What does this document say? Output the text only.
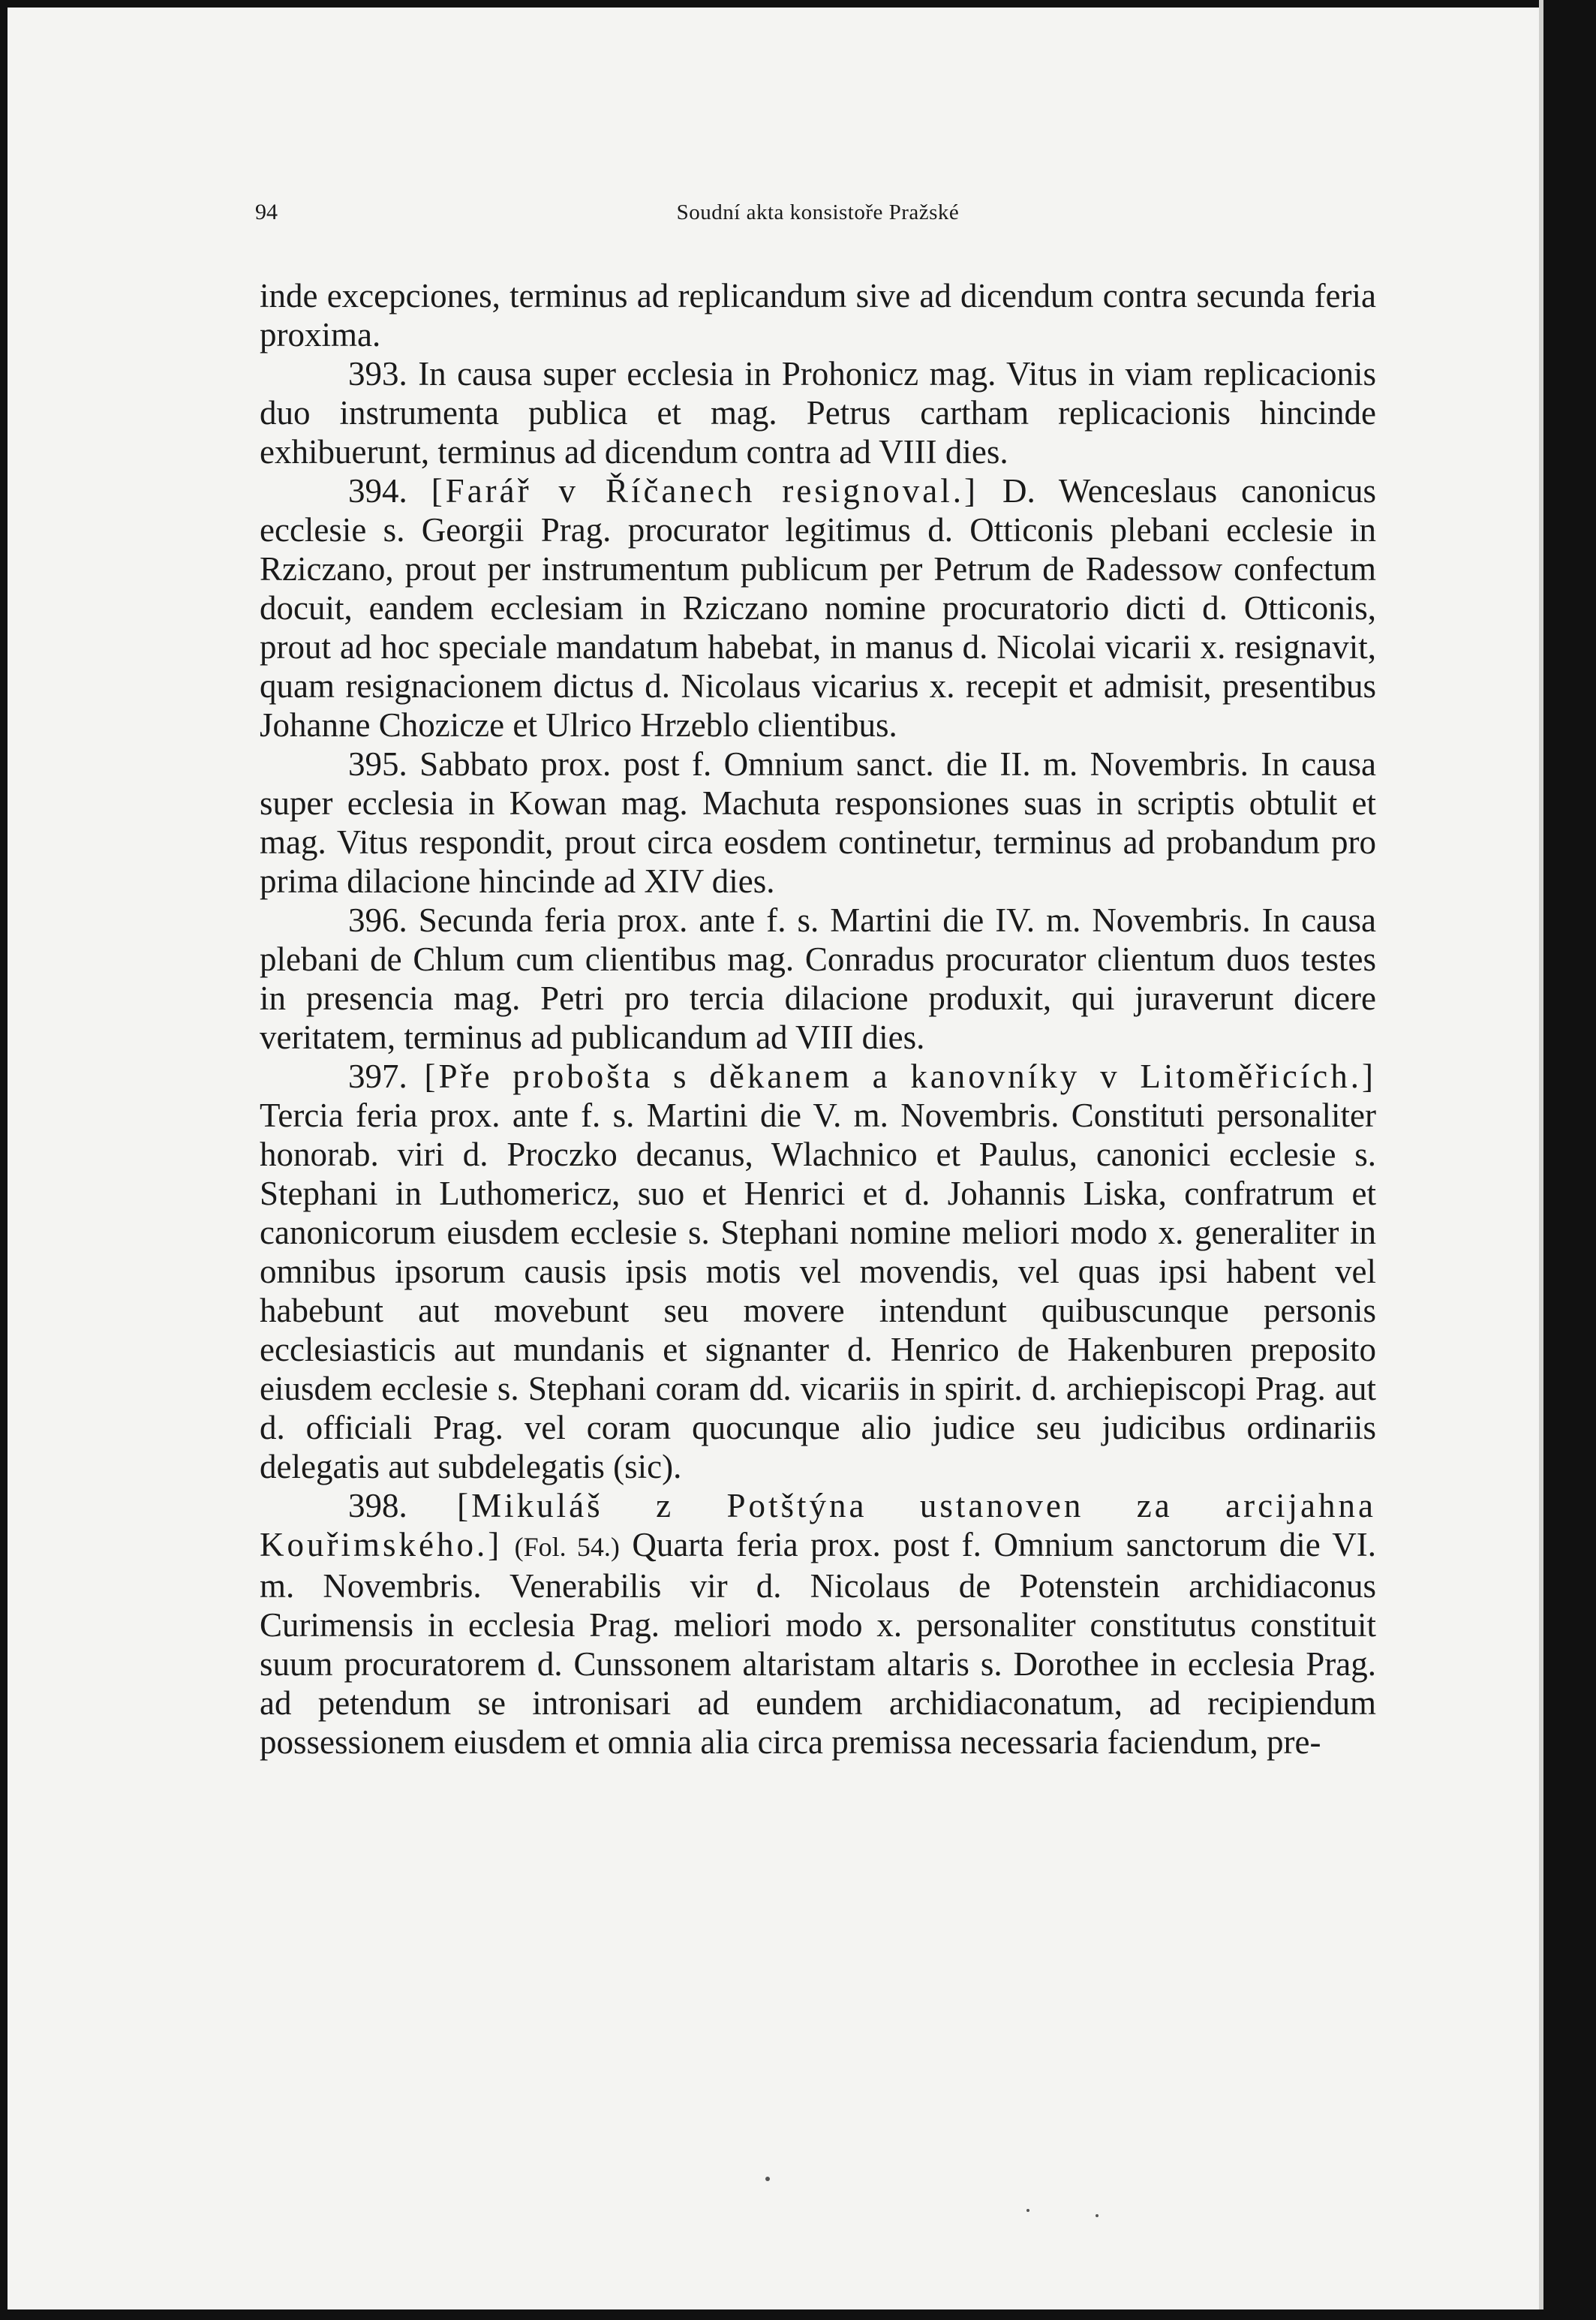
94	Soudní akta konsistoře Pražské

inde excepciones, terminus ad replicandum sive ad dicendum contra secunda feria proxima.

393. In causa super ecclesia in Prohonicz mag. Vitus in viam replicacionis duo instrumenta publica et mag. Petrus cartham replicacionis hincinde exhibuerunt, terminus ad dicendum contra ad VIII dies.

394. [Farář v Říčanech resignoval.] D. Wenceslaus canonicus ecclesie s. Georgii Prag. procurator legitimus d. Otticonis plebani ecclesie in Rziczano, prout per instrumentum publicum per Petrum de Radessow confectum docuit, eandem ecclesiam in Rziczano nomine procuratorio dicti d. Otticonis, prout ad hoc speciale mandatum habebat, in manus d. Nicolai vicarii x. resignavit, quam resignacionem dictus d. Nicolaus vicarius x. recepit et admisit, presentibus Johanne Chozicze et Ulrico Hrzeblo clientibus.

395. Sabbato prox. post f. Omnium sanct. die II. m. Novembris. In causa super ecclesia in Kowan mag. Machuta responsiones suas in scriptis obtulit et mag. Vitus respondit, prout circa eosdem continetur, terminus ad probandum pro prima dilacione hincinde ad XIV dies.

396. Secunda feria prox. ante f. s. Martini die IV. m. Novembris. In causa plebani de Chlum cum clientibus mag. Conradus procurator clientum duos testes in presencia mag. Petri pro tercia dilacione produxit, qui juraverunt dicere veritatem, terminus ad publicandum ad VIII dies.

397. [Pře probošta s děkanem a kanovníky v Litoměřicích.] Tercia feria prox. ante f. s. Martini die V. m. Novembris. Constituti personaliter honorab. viri d. Proczko decanus, Wlachnico et Paulus, canonici ecclesie s. Stephani in Luthomericz, suo et Henrici et d. Johannis Liska, confratrum et canonicorum eiusdem ecclesie s. Stephani nomine meliori modo x. generaliter in omnibus ipsorum causis ipsis motis vel movendis, vel quas ipsi habent vel habebunt aut movebunt seu movere intendunt quibuscunque personis ecclesiasticis aut mundanis et signanter d. Henrico de Hakenburen preposito eiusdem ecclesie s. Stephani coram dd. vicariis in spirit. d. archiepiscopi Prag. aut d. officiali Prag. vel coram quocunque alio judice seu judicibus ordinariis delegatis aut subdelegatis (sic).

398. [Mikuláš z Potštýna ustanoven za arcijahna Kouřimského.] (Fol. 54.) Quarta feria prox. post f. Omnium sanctorum die VI. m. Novembris. Venerabilis vir d. Nicolaus de Potenstein archidiaconus Curimensis in ecclesia Prag. meliori modo x. personaliter constitutus constituit suum procuratorem d. Cunssonem altaristam altaris s. Dorothee in ecclesia Prag. ad petendum se intronisari ad eundem archidiaconatum, ad recipiendum possessionem eiusdem et omnia alia circa premissa necessaria faciendum, pre-
